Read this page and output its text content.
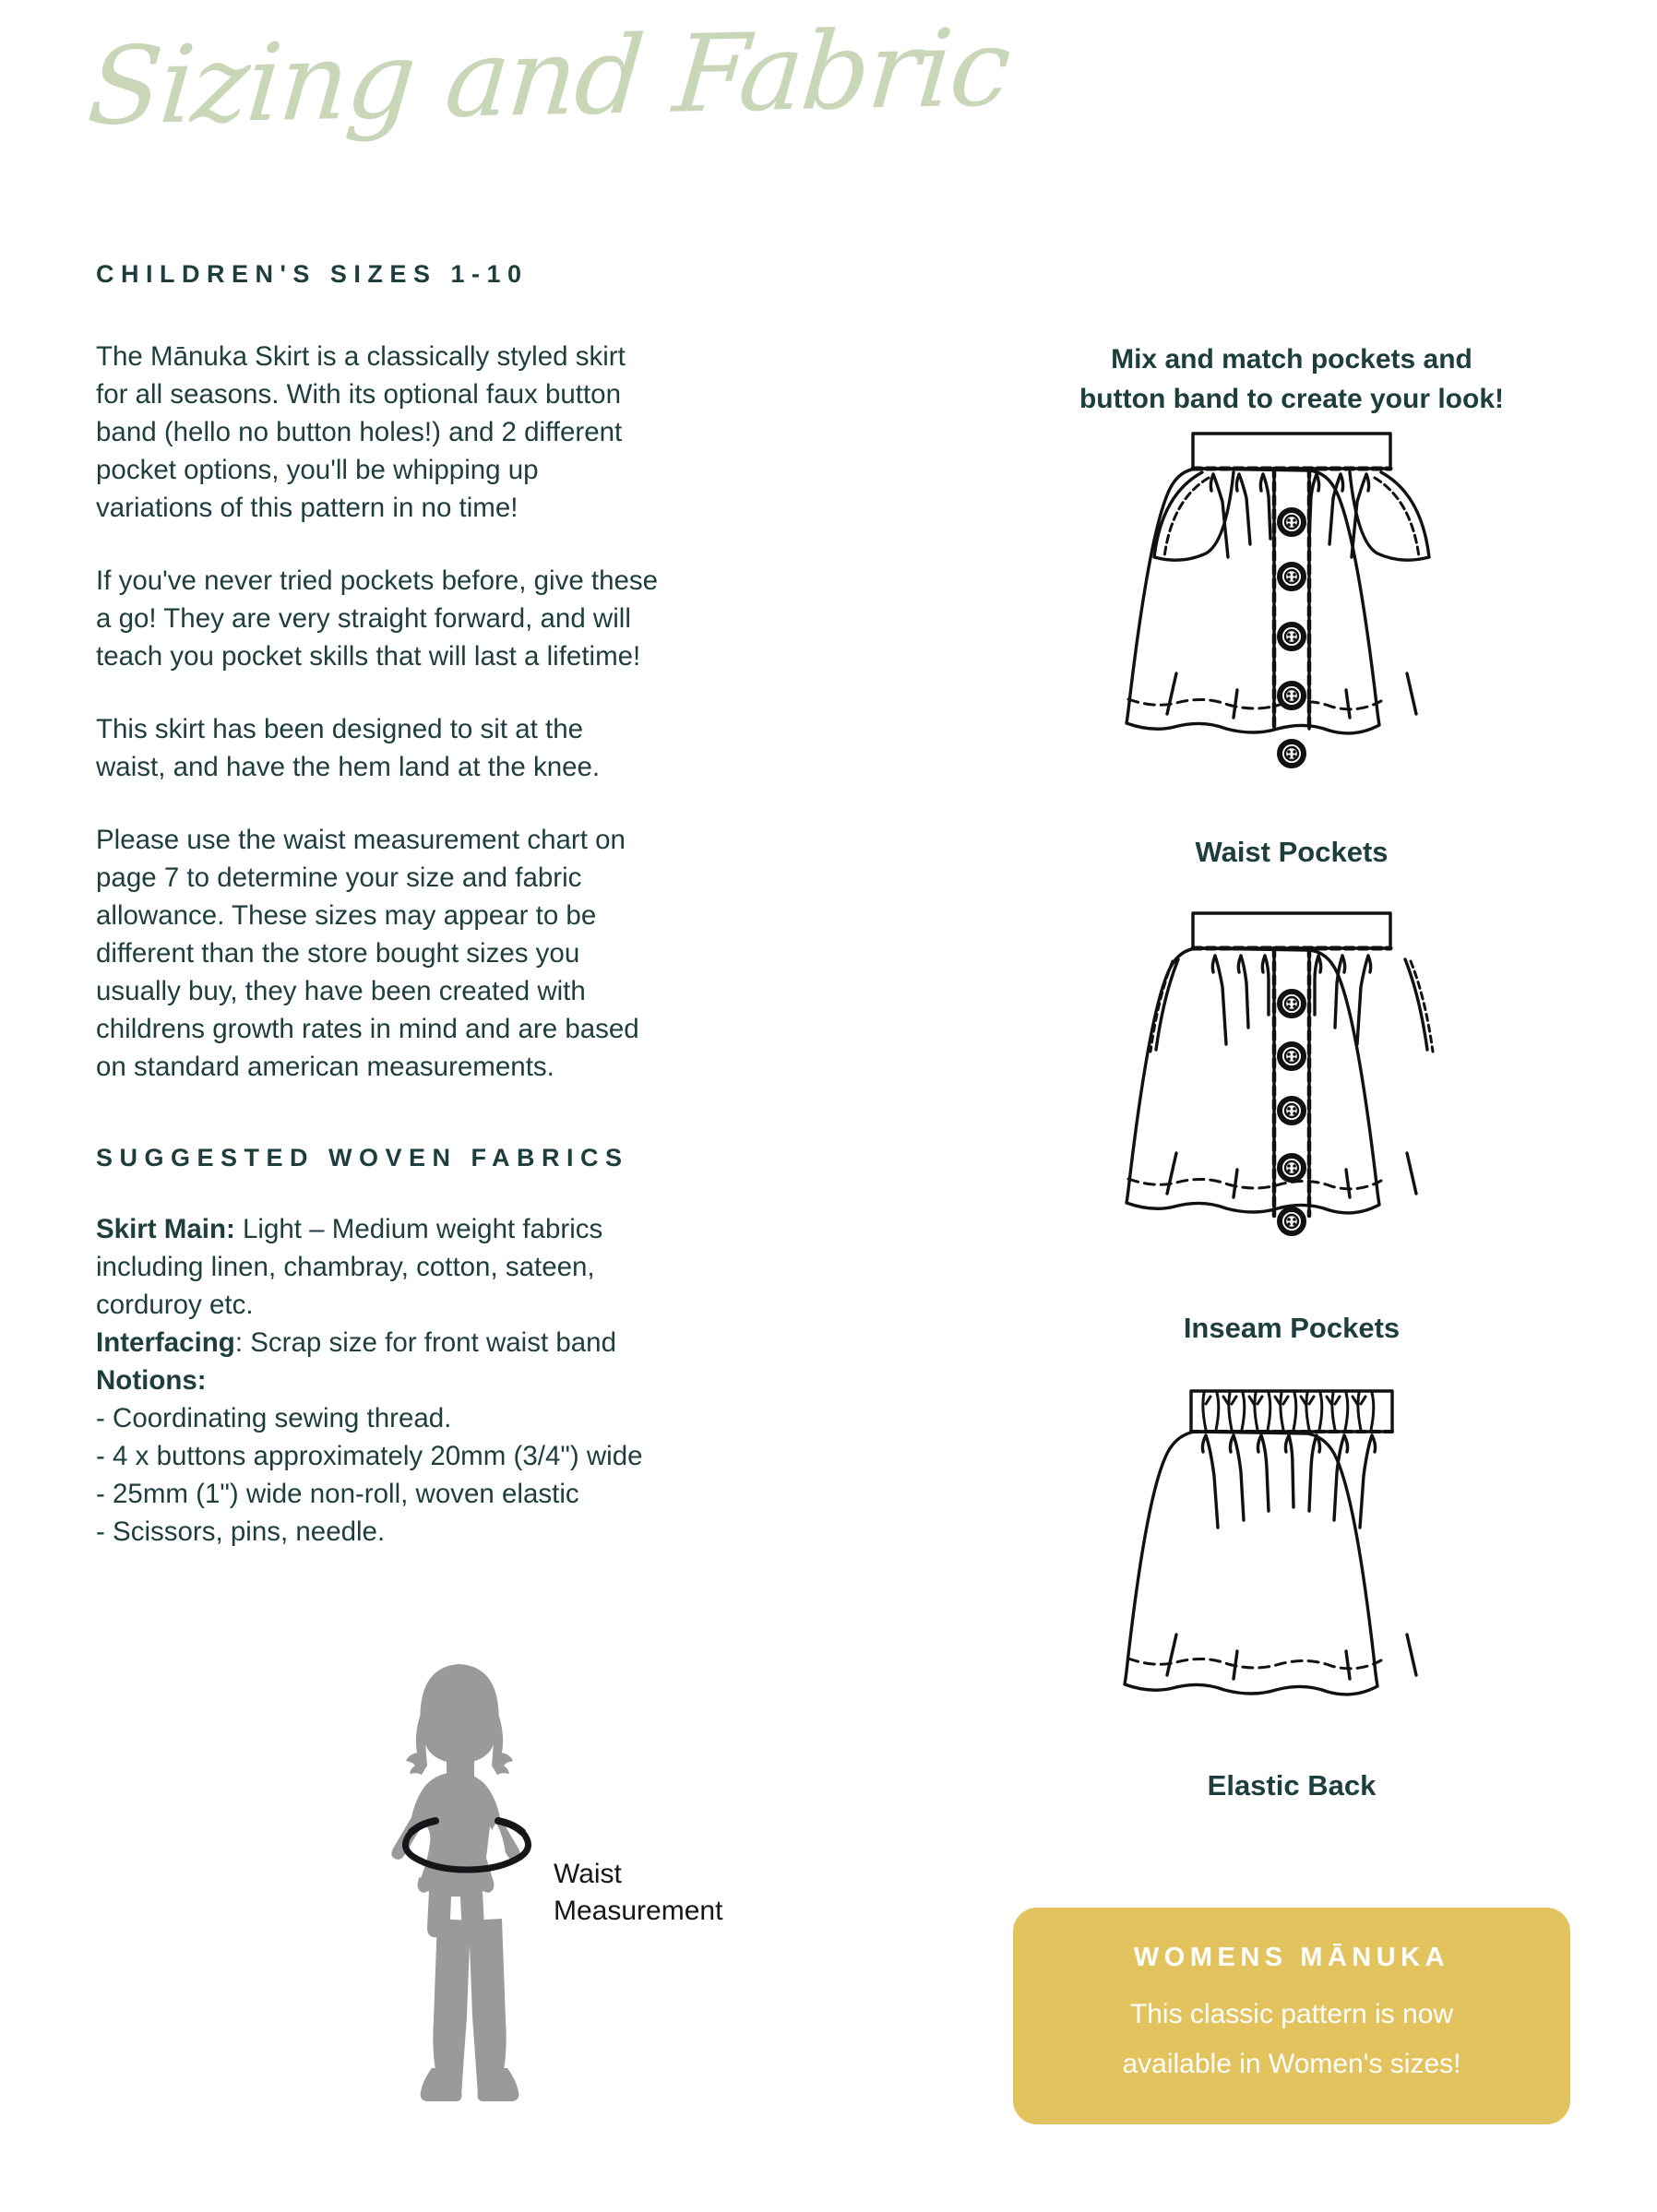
Sizing and Fabric
CHILDREN'S SIZES 1-10

The Mānuka Skirt is a classically styled skirt for all seasons. With its optional faux button band (hello no button holes!) and 2 different pocket options, you'll be whipping up variations of this pattern in no time!

If you've never tried pockets before, give these a go! They are very straight forward, and will teach you pocket skills that will last a lifetime!

This skirt has been designed to sit at the waist, and have the hem land at the knee.

Please use the waist measurement chart on page 7 to determine your size and fabric allowance. These sizes may appear to be different than the store bought sizes you usually buy, they have been created with childrens growth rates in mind and are based on standard american measurements.

SUGGESTED WOVEN FABRICS

Skirt Main: Light – Medium weight fabrics including linen, chambray, cotton, sateen, corduroy etc.

Interfacing: Scrap size for front waist band

Notions:

- Coordinating sewing thread.

- 4 x buttons approximately 20mm (3/4") wide

- 25mm (1") wide non-roll, woven elastic

- Scissors, pins, needle.

Waist
Measurement
Mix and match pockets and
button band to create your look!
Waist Pockets
Inseam Pockets
Elastic Back
WOMENS MĀNUKA
This classic pattern is now
available in Women's sizes!
